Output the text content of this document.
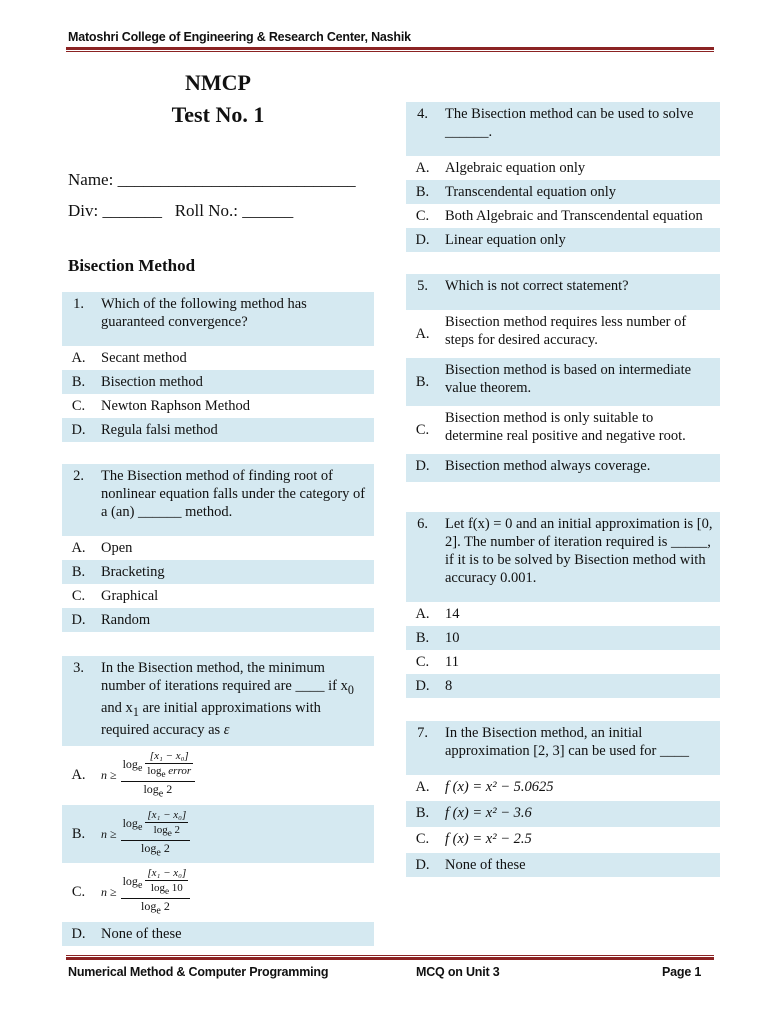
Matoshri College of Engineering & Research Center, Nashik
NMCP
Test No. 1
Name: ____________________________
Div: _______   Roll No.: ______
Bisection Method
1.	Which of the following method has guaranteed convergence?
A.	Secant method
B.	Bisection method
C.	Newton Raphson Method
D.	Regula falsi method
2.	The Bisection method of finding root of nonlinear equation falls under the category of a (an) ______ method.
A.	Open
B.	Bracketing
C.	Graphical
D.	Random
3.	In the Bisection method, the minimum number of iterations required are ____ if $x_0$ and $x_1$ are initial approximations with required accuracy as ε
A.	$n \ge \frac{\log_e \frac{\text{[x₁ − x₀]}}{\log_e error}}{\log_e 2}$

B.	$n \ge \frac{\log_e \frac{\text{[x₁ − x₀]}}{\log_e 2}}{\log_e 2}$

C.	$n \ge \frac{\log_e \frac{\text{[x₁ − x₀]}}{\log_e 10}}{\log_e 2}$

D.	None of these
4.	The Bisection method can be used to solve ______.
A.	Algebraic equation only
B.	Transcendental equation only
C.	Both Algebraic and Transcendental equation
D.	Linear equation only
5.	Which is not correct statement?
A.	Bisection method requires less number of steps for desired accuracy.
B.	Bisection method is based on intermediate value theorem.
C.	Bisection method is only suitable to determine real positive and negative root.
D.	Bisection method always coverage.
6.	Let f(x) = 0 and an initial approximation is [0, 2]. The number of iteration required is _____, if it is to be solved by Bisection method with accuracy 0.001.
A.	14
B.	10
C.	11
D.	8
7.	In the Bisection method, an initial approximation [2, 3] can be used for ____
A.	f (x) = x² − 5.0625
B.	f (x) = x² − 3.6
C.	f (x) = x² − 2.5
D.	None of these
Numerical Method & Computer Programming	MCQ on Unit 3	Page 1
